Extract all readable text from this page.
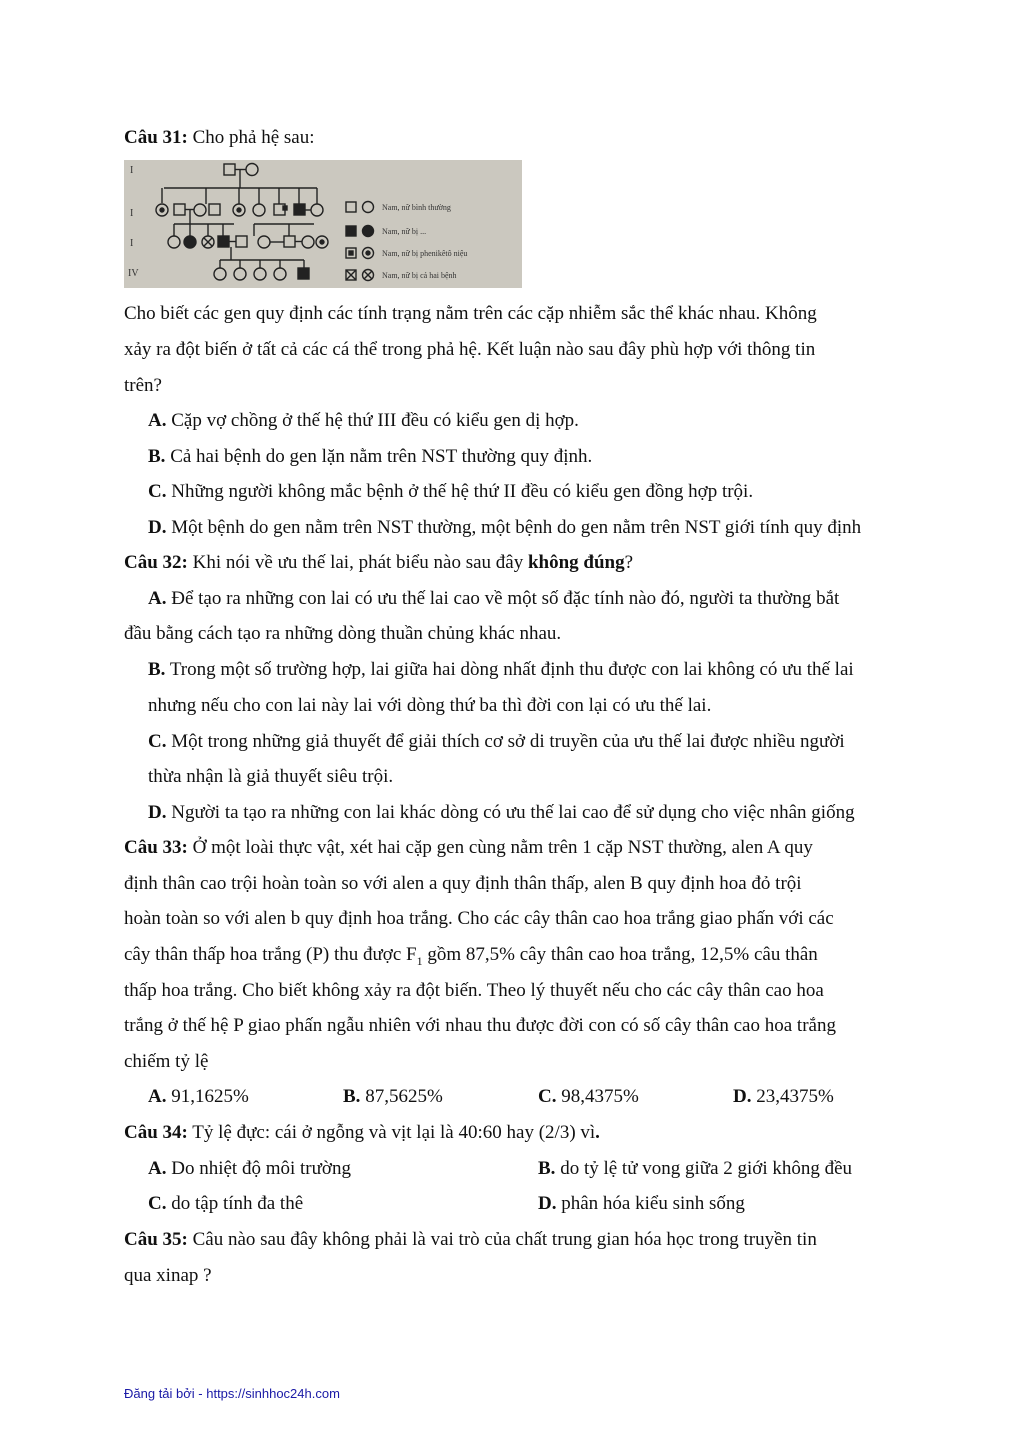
Câu 31: Cho phả hệ sau:
I
I
I
IV
Nam, nữ bình thường
Nam, nữ bị ...
Nam, nữ bị phenikêtô niệu
Nam, nữ bị cả hai bệnh
Cho biết các gen quy định các tính trạng nằm trên các cặp nhiễm sắc thể khác nhau. Không
xảy ra đột biến ở tất cả các cá thể trong phả hệ. Kết luận nào sau đây phù hợp với thông tin
trên?
A. Cặp vợ chồng ở thế hệ thứ III đều có kiểu gen dị hợp.
B. Cả hai bệnh do gen lặn nằm trên NST thường quy định.
C. Những người không mắc bệnh ở thế hệ thứ II đều có kiểu gen đồng hợp trội.
D. Một bệnh do gen nằm trên NST thường, một bệnh do gen nằm trên NST giới tính quy định
Câu 32: Khi nói về ưu thế lai, phát biểu nào sau đây không đúng?
A. Để tạo ra những con lai có ưu thế lai cao về một số đặc tính nào đó, người ta thường bắt
đầu bằng cách tạo ra những dòng thuần chủng khác nhau.
B. Trong một số trường hợp, lai giữa hai dòng nhất định thu được con lai không có ưu thế lai
nhưng nếu cho con lai này lai với dòng thứ ba thì đời con lại có ưu thế lai.
C. Một trong những giả thuyết để giải thích cơ sở di truyền của ưu thế lai được nhiều người
thừa nhận là giả thuyết siêu trội.
D. Người ta tạo ra những con lai khác dòng có ưu thế lai cao để sử dụng cho việc nhân giống
Câu 33: Ở một loài thực vật, xét hai cặp gen cùng nằm trên 1 cặp NST thường, alen A quy
định thân cao trội hoàn toàn so với alen a quy định thân thấp, alen B quy định hoa đỏ trội
hoàn toàn so với alen b quy định hoa trắng. Cho các cây thân cao hoa trắng giao phấn với các
cây thân thấp hoa trắng (P) thu được $F_1$ gồm 87,5% cây thân cao hoa trắng, 12,5% câu thân
thấp hoa trắng. Cho biết không xảy ra đột biến. Theo lý thuyết nếu cho các cây thân cao hoa
trắng ở thế hệ P giao phấn ngẫu nhiên với nhau thu được đời con có số cây thân cao hoa trắng
chiếm tỷ lệ
A. 91,1625%	B. 87,5625%	C. 98,4375%	D. 23,4375%
Câu 34: Tỷ lệ đực: cái ở ngỗng và vịt lại là 40:60 hay (2/3) vì.
A. Do nhiệt độ môi trường	B. do tỷ lệ tử vong giữa 2 giới không đều
C. do tập tính đa thê	D. phân hóa kiểu sinh sống
Câu 35: Câu nào sau đây không phải là vai trò của chất trung gian hóa học trong truyền tin
qua xinap ?
Đăng tải bởi - https://sinhhoc24h.com
